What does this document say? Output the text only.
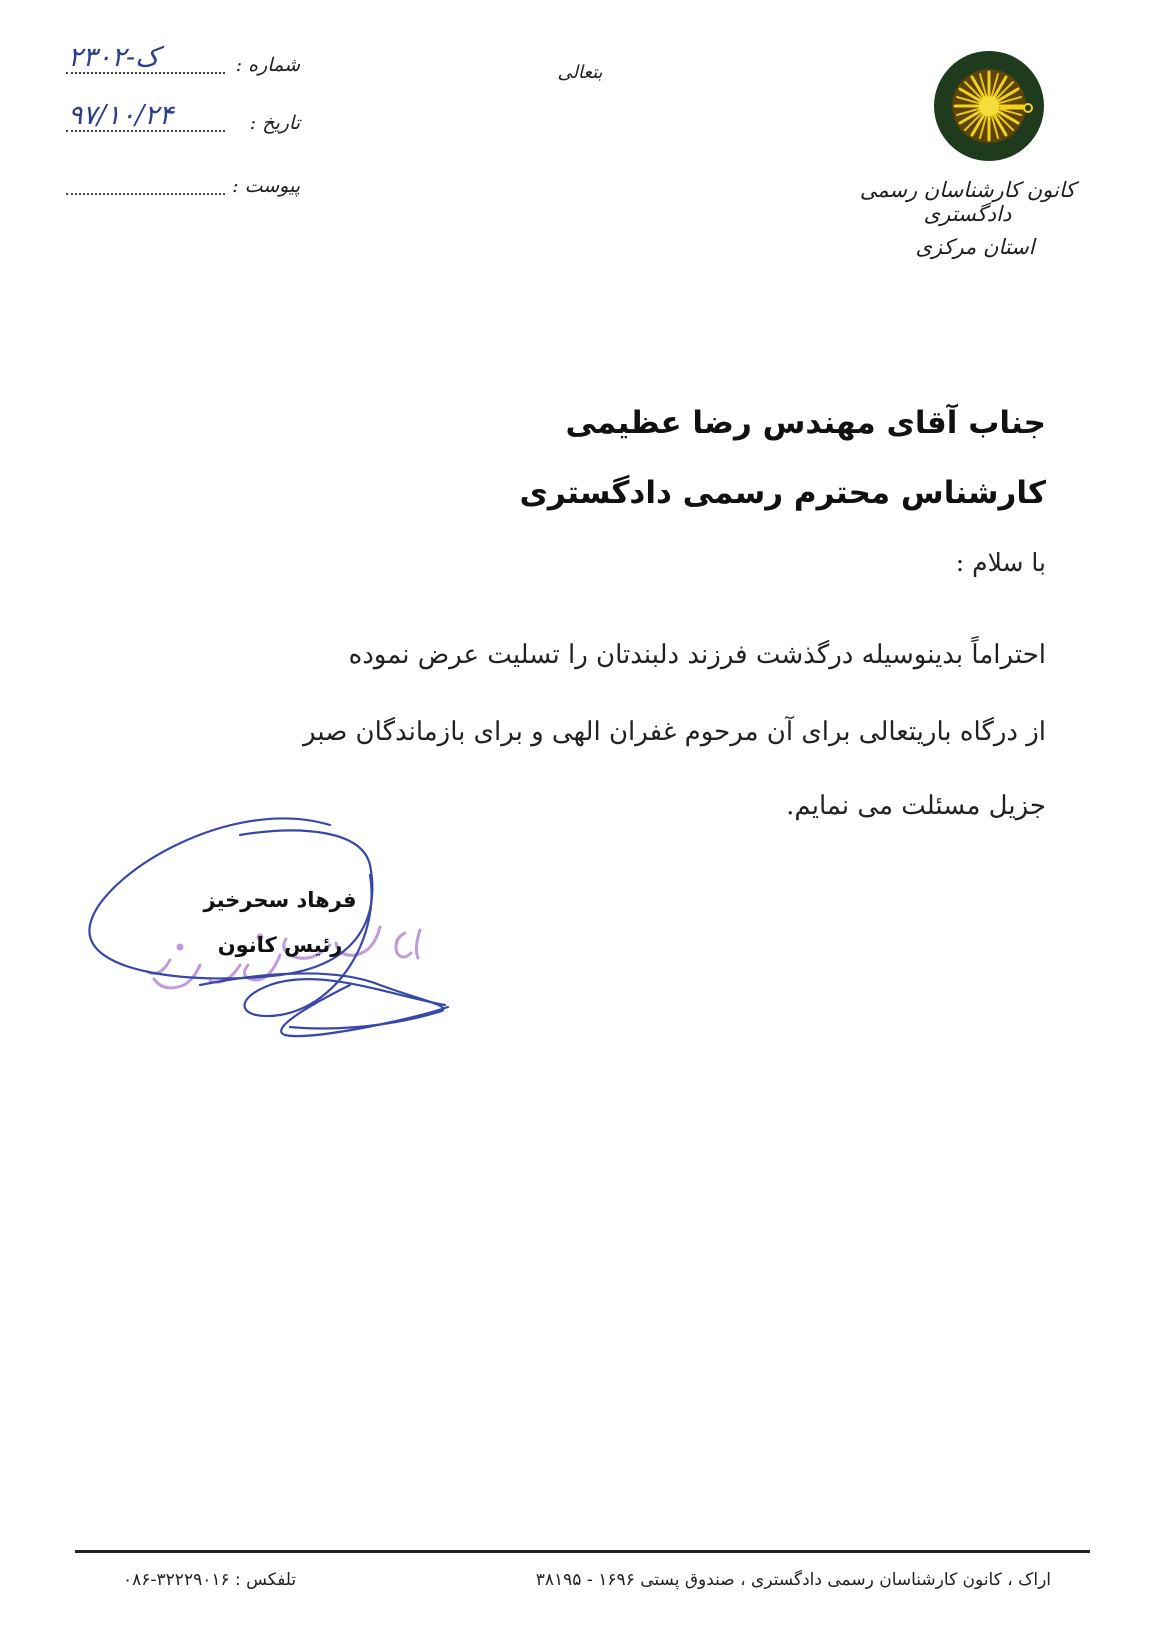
کانون کارشناسان رسمی دادگستری
استان مرکزی
بتعالی
شماره :
۲۳۰۲-ک
تاریخ :
۹۷/۱۰/۲۴
پیوست :
جناب آقای مهندس رضا عظیمی
کارشناس محترم رسمی دادگستری
با سلام :
احتراماً بدینوسیله درگذشت فرزند دلبندتان را تسلیت عرض نموده
از درگاه باریتعالی برای آن مرحوم غفران الهی و برای بازماندگان صبر
جزیل مسئلت می نمایم.
فرهاد سحرخیز
رئیس کانون
اراک ، کانون کارشناسان رسمی دادگستری ، صندوق پستی ۱۶۹۶ - ۳۸۱۹۵
تلفکس : ۳۲۲۲۹۰۱۶-۰۸۶
